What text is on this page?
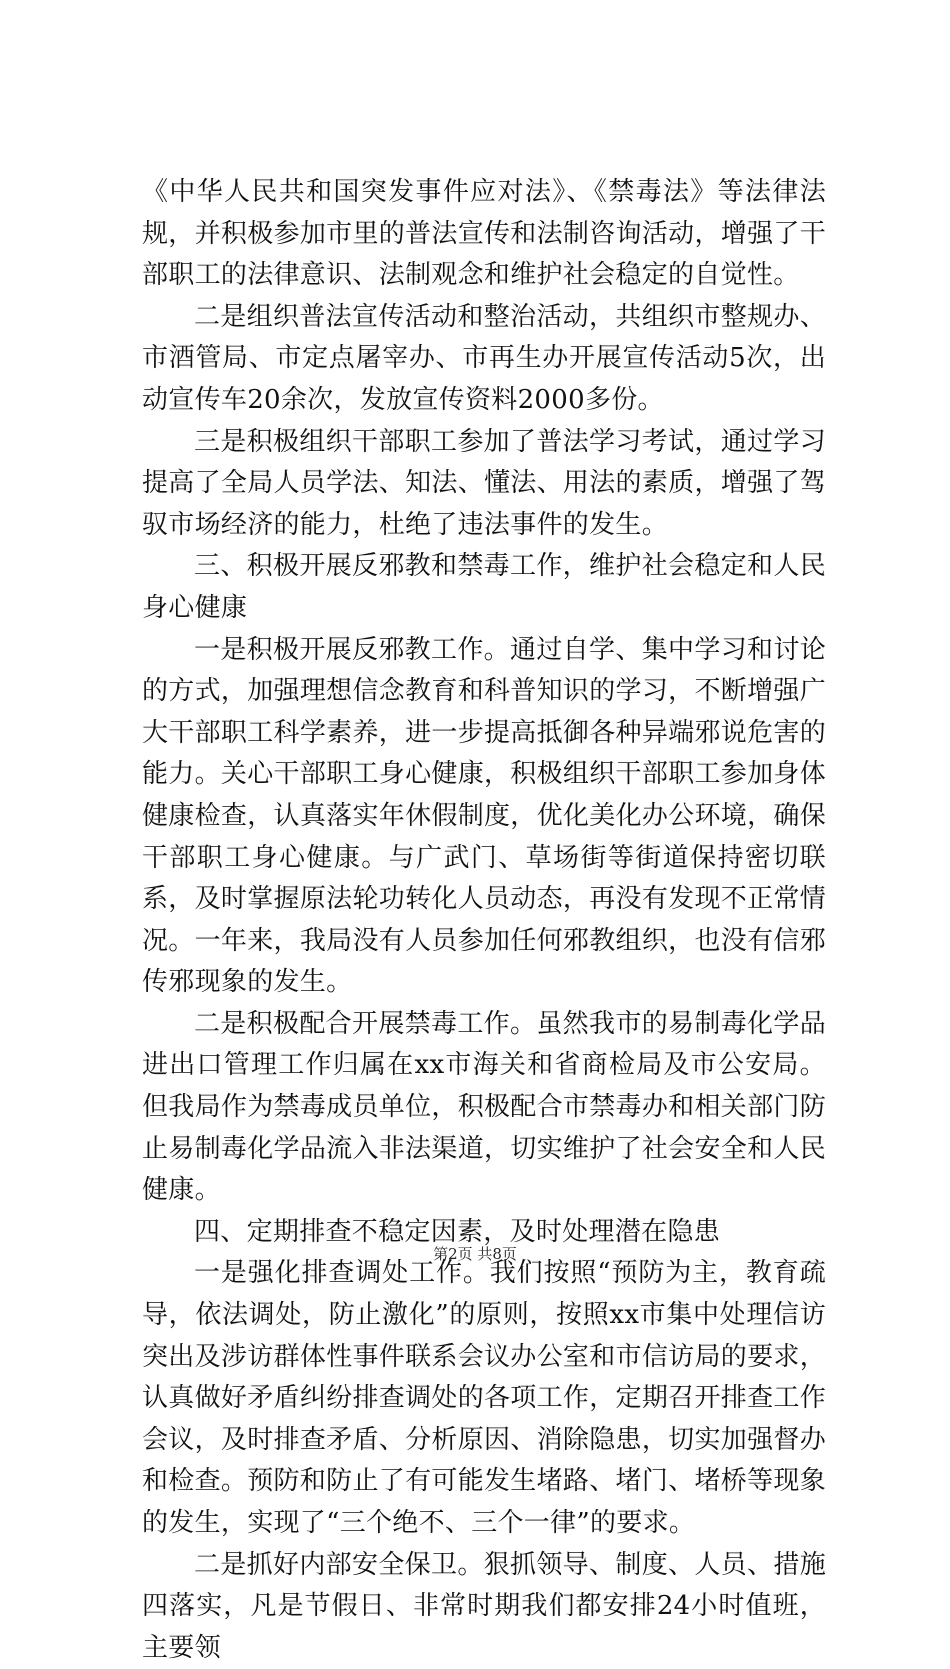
《中华人民共和国突发事件应对法》、《禁毒法》等法律法规，并积极参加市里的普法宣传和法制咨询活动，增强了干部职工的法律意识、法制观念和维护社会稳定的自觉性。

二是组织普法宣传活动和整治活动，共组织市整规办、市酒管局、市定点屠宰办、市再生办开展宣传活动5次，出动宣传车20余次，发放宣传资料2000多份。

三是积极组织干部职工参加了普法学习考试，通过学习提高了全局人员学法、知法、懂法、用法的素质，增强了驾驭市场经济的能力，杜绝了违法事件的发生。

三、积极开展反邪教和禁毒工作，维护社会稳定和人民身心健康

一是积极开展反邪教工作。通过自学、集中学习和讨论的方式，加强理想信念教育和科普知识的学习，不断增强广大干部职工科学素养，进一步提高抵御各种异端邪说危害的能力。关心干部职工身心健康，积极组织干部职工参加身体健康检查，认真落实年休假制度，优化美化办公环境，确保干部职工身心健康。与广武门、草场街等街道保持密切联系，及时掌握原法轮功转化人员动态，再没有发现不正常情况。一年来，我局没有人员参加任何邪教组织，也没有信邪传邪现象的发生。

二是积极配合开展禁毒工作。虽然我市的易制毒化学品进出口管理工作归属在xx市海关和省商检局及市公安局。但我局作为禁毒成员单位，积极配合市禁毒办和相关部门防止易制毒化学品流入非法渠道，切实维护了社会安全和人民健康。

四、定期排查不稳定因素，及时处理潜在隐患

一是强化排查调处工作。我们按照“预防为主，教育疏导，依法调处，防止激化”的原则，按照xx市集中处理信访突出及涉访群体性事件联系会议办公室和市信访局的要求，认真做好矛盾纠纷排查调处的各项工作，定期召开排查工作会议，及时排查矛盾、分析原因、消除隐患，切实加强督办和检查。预防和防止了有可能发生堵路、堵门、堵桥等现象的发生，实现了“三个绝不、三个一律”的要求。

二是抓好内部安全保卫。狠抓领导、制度、人员、措施四落实，凡是节假日、非常时期我们都安排24小时值班，主要领

第2页 共8页
